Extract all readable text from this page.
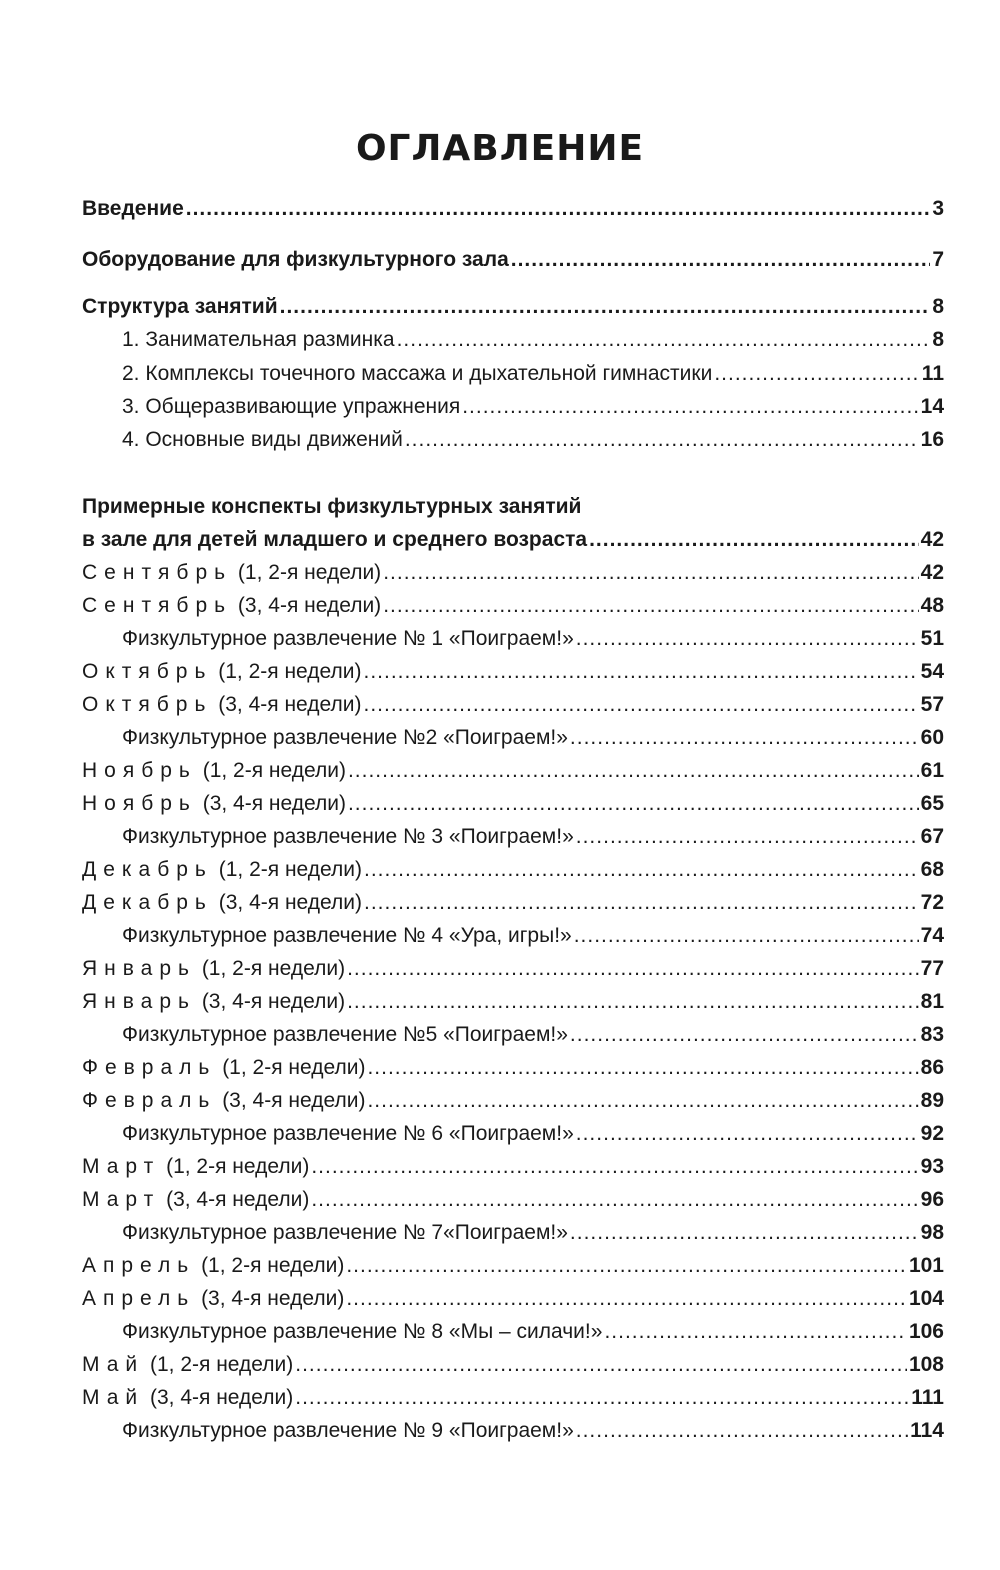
ОГЛАВЛЕНИЕ
Введение .....	3
Оборудование для физкультурного зала .....	7
Структура занятий .....	8
1. Занимательная разминка .....	8
2. Комплексы точечного массажа и дыхательной гимнастики .....	11
3. Общеразвивающие упражнения .....	14
4. Основные виды движений .....	16
Примерные конспекты физкультурных занятий
в зале для детей младшего и среднего возраста .....	42
Сентябрь (1, 2-я недели) .....	42
Сентябрь (3, 4-я недели) .....	48
Физкультурное развлечение № 1 «Поиграем!» .....	51
Октябрь (1, 2-я недели) .....	54
Октябрь (3, 4-я недели) .....	57
Физкультурное развлечение №2 «Поиграем!» .....	60
Ноябрь (1, 2-я недели) .....	61
Ноябрь (3, 4-я недели) .....	65
Физкультурное развлечение № 3 «Поиграем!» .....	67
Декабрь (1, 2-я недели) .....	68
Декабрь (3, 4-я недели) .....	72
Физкультурное развлечение № 4 «Ура, игры!» .....	74
Январь (1, 2-я недели) .....	77
Январь (3, 4-я недели) .....	81
Физкультурное развлечение №5 «Поиграем!» .....	83
Февраль (1, 2-я недели) .....	86
Февраль (3, 4-я недели) .....	89
Физкультурное развлечение № 6 «Поиграем!» .....	92
Март (1, 2-я недели) .....	93
Март (3, 4-я недели) .....	96
Физкультурное развлечение № 7«Поиграем!» .....	98
Апрель (1, 2-я недели) .....	101
Апрель (3, 4-я недели) .....	104
Физкультурное развлечение № 8 «Мы – силачи!» .....	106
Май (1, 2-я недели) .....	108
Май (3, 4-я недели) .....	111
Физкультурное развлечение № 9 «Поиграем!» .....	114
